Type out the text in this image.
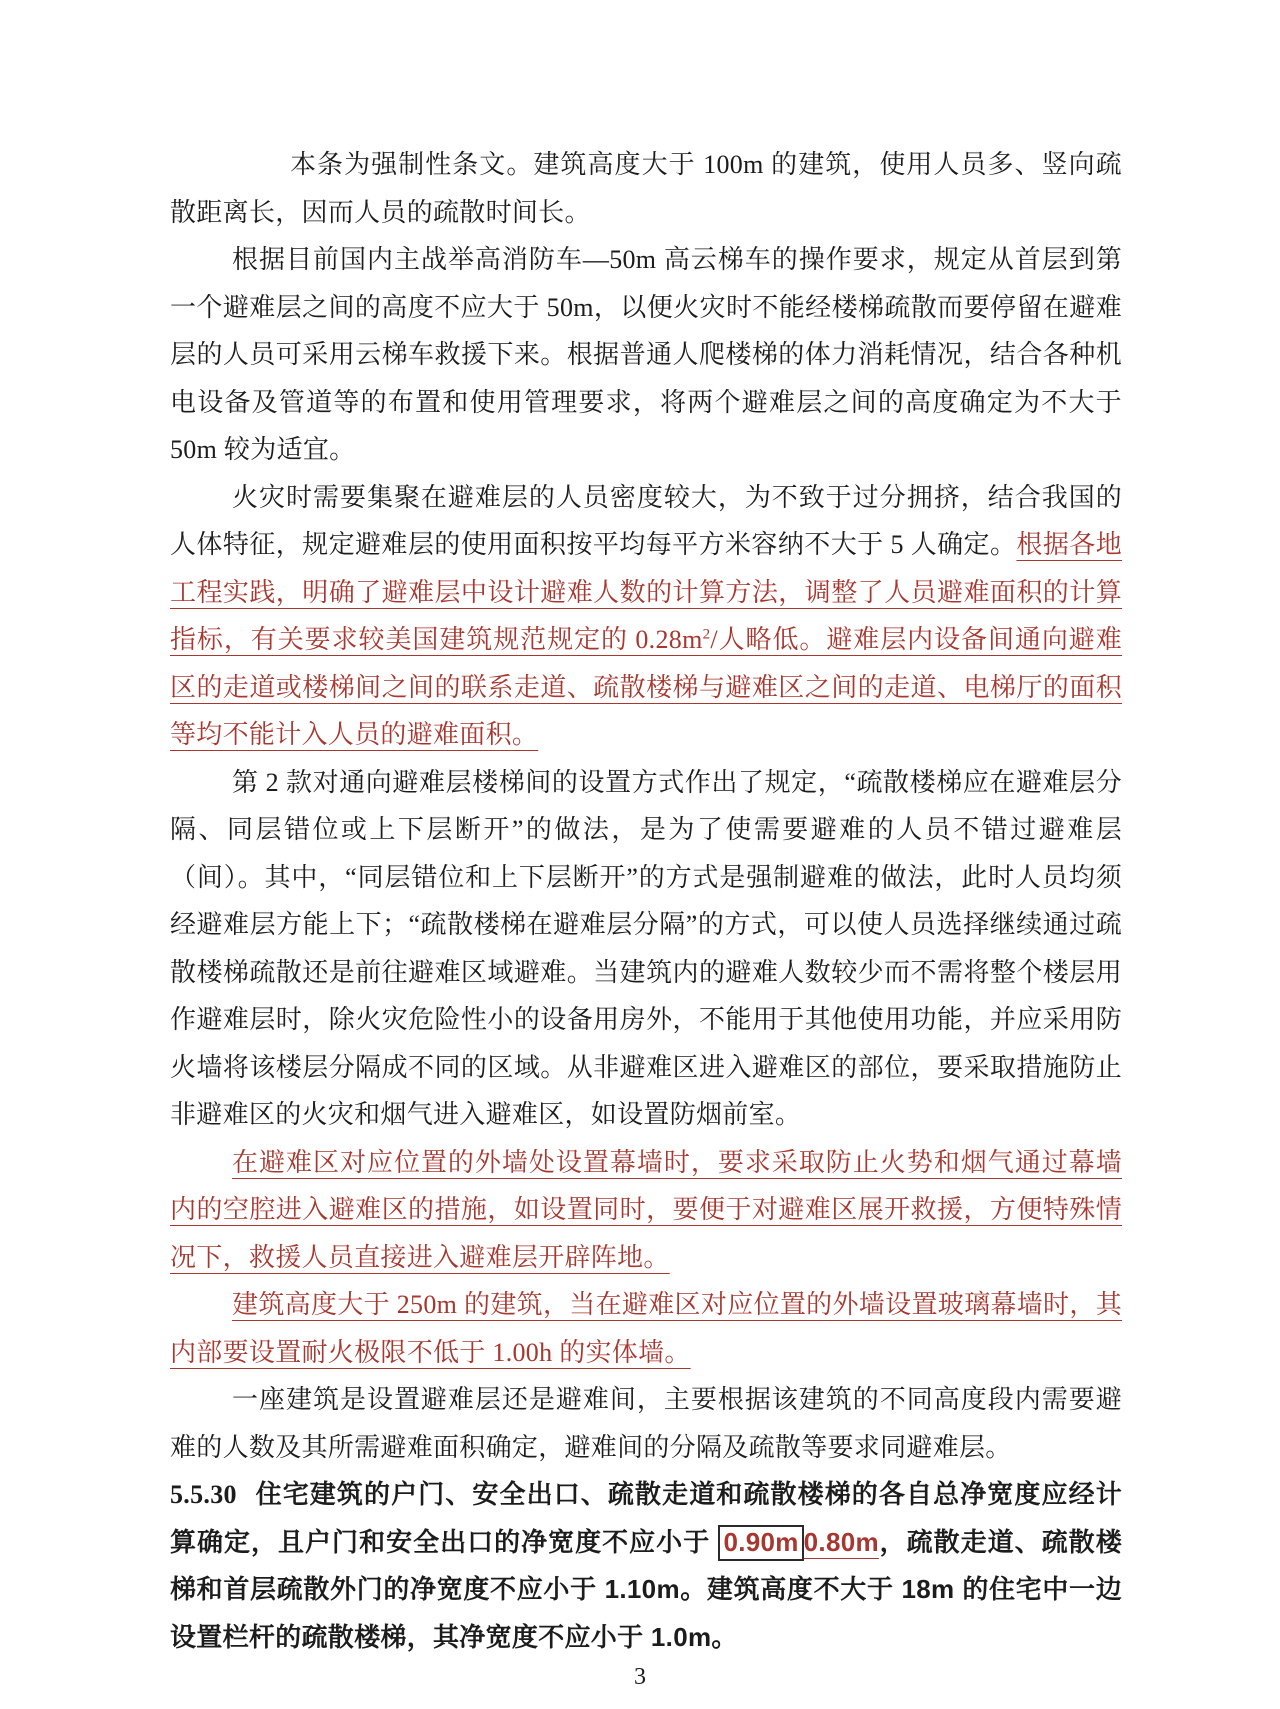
本条为强制性条文。建筑高度大于 100m 的建筑，使用人员多、竖向疏散距离长，因而人员的疏散时间长。

根据目前国内主战举高消防车—50m 高云梯车的操作要求，规定从首层到第一个避难层之间的高度不应大于 50m，以便火灾时不能经楼梯疏散而要停留在避难层的人员可采用云梯车救援下来。根据普通人爬楼梯的体力消耗情况，结合各种机电设备及管道等的布置和使用管理要求，将两个避难层之间的高度确定为不大于 50m 较为适宜。

火灾时需要集聚在避难层的人员密度较大，为不致于过分拥挤，结合我国的人体特征，规定避难层的使用面积按平均每平方米容纳不大于 5 人确定。根据各地工程实践，明确了避难层中设计避难人数的计算方法，调整了人员避难面积的计算指标，有关要求较美国建筑规范规定的 $0.28m^2/$人略低。避难层内设备间通向避难区的走道或楼梯间之间的联系走道、疏散楼梯与避难区之间的走道、电梯厅的面积等均不能计入人员的避难面积。

第 2 款对通向避难层楼梯间的设置方式作出了规定，“疏散楼梯应在避难层分隔、同层错位或上下层断开”的做法，是为了使需要避难的人员不错过避难层（间）。其中，“同层错位和上下层断开”的方式是强制避难的做法，此时人员均须经避难层方能上下；“疏散楼梯在避难层分隔”的方式，可以使人员选择继续通过疏散楼梯疏散还是前往避难区域避难。当建筑内的避难人数较少而不需将整个楼层用作避难层时，除火灾危险性小的设备用房外，不能用于其他使用功能，并应采用防火墙将该楼层分隔成不同的区域。从非避难区进入避难区的部位，要采取措施防止非避难区的火灾和烟气进入避难区，如设置防烟前室。

在避难区对应位置的外墙处设置幕墙时，要求采取防止火势和烟气通过幕墙内的空腔进入避难区的措施，如设置同时，要便于对避难区展开救援，方便特殊情况下，救援人员直接进入避难层开辟阵地。

建筑高度大于 250m 的建筑，当在避难区对应位置的外墙设置玻璃幕墙时，其内部要设置耐火极限不低于 1.00h 的实体墙。

一座建筑是设置避难层还是避难间，主要根据该建筑的不同高度段内需要避难的人数及其所需避难面积确定，避难间的分隔及疏散等要求同避难层。

5.5.30 住宅建筑的户门、安全出口、疏散走道和疏散楼梯的各自总净宽度应经计算确定，且户门和安全出口的净宽度不应小于 0.90m 0.80m，疏散走道、疏散楼梯和首层疏散外门的净宽度不应小于 1.10m。建筑高度不大于 18m 的住宅中一边设置栏杆的疏散楼梯，其净宽度不应小于 1.0m。

3
